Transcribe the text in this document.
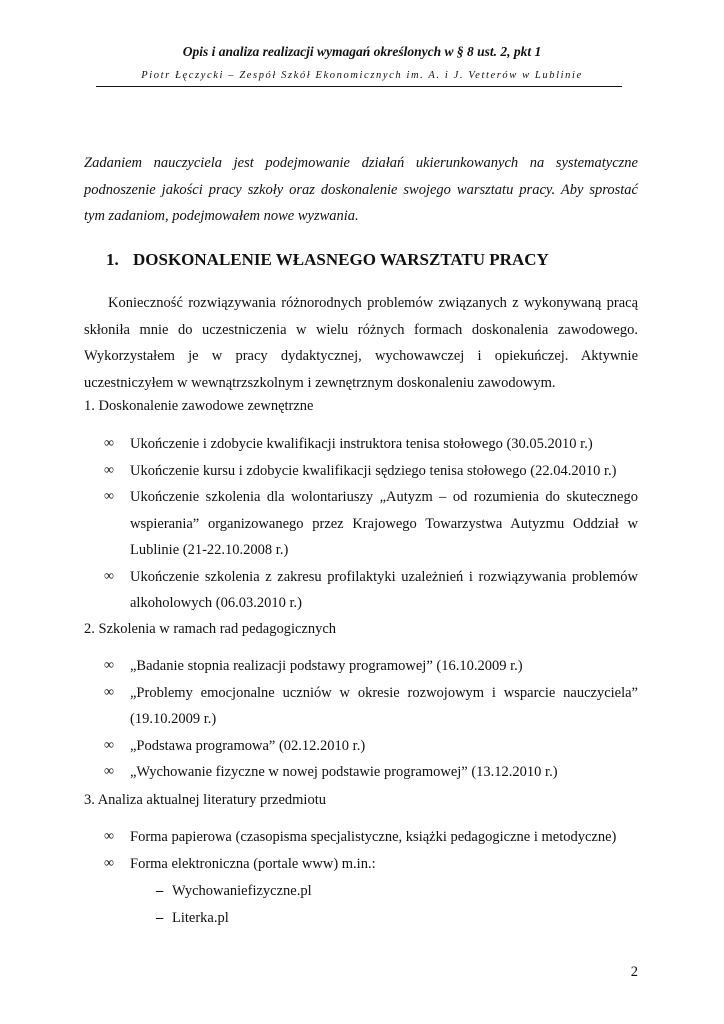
Opis i analiza realizacji wymagań określonych w § 8 ust. 2, pkt 1
Piotr Łęczycki – Zespół Szkół Ekonomicznych im. A. i J. Vetterów w Lublinie

Zadaniem nauczyciela jest podejmowanie działań ukierunkowanych na systematyczne podnoszenie jakości pracy szkoły oraz doskonalenie swojego warsztatu pracy. Aby sprostać tym zadaniom, podejmowałem nowe wyzwania.

1. DOSKONALENIE WŁASNEGO WARSZTATU PRACY

Konieczność rozwiązywania różnorodnych problemów związanych z wykonywaną pracą skłoniła mnie do uczestniczenia w wielu różnych formach doskonalenia zawodowego. Wykorzystałem je w pracy dydaktycznej, wychowawczej i opiekuńczej. Aktywnie uczestniczyłem w wewnątrzszkolnym i zewnętrznym doskonaleniu zawodowym.

1. Doskonalenie zawodowe zewnętrzne
∞ Ukończenie i zdobycie kwalifikacji instruktora tenisa stołowego (30.05.2010 r.)
∞ Ukończenie kursu i zdobycie kwalifikacji sędziego tenisa stołowego (22.04.2010 r.)
∞ Ukończenie szkolenia dla wolontariuszy „Autyzm – od rozumienia do skutecznego wspierania” organizowanego przez Krajowego Towarzystwa Autyzmu Oddział w Lublinie (21-22.10.2008 r.)
∞ Ukończenie szkolenia z zakresu profilaktyki uzależnień i rozwiązywania problemów alkoholowych (06.03.2010 r.)
2. Szkolenia w ramach rad pedagogicznych
∞ „Badanie stopnia realizacji podstawy programowej” (16.10.2009 r.)
∞ „Problemy emocjonalne uczniów w okresie rozwojowym i wsparcie nauczyciela” (19.10.2009 r.)
∞ „Podstawa programowa” (02.12.2010 r.)
∞ „Wychowanie fizyczne w nowej podstawie programowej” (13.12.2010 r.)
3. Analiza aktualnej literatury przedmiotu
∞ Forma papierowa (czasopisma specjalistyczne, książki pedagogiczne i metodyczne)
∞ Forma elektroniczna (portale www) m.in.:
– Wychowaniefizyczne.pl
– Literka.pl
2
